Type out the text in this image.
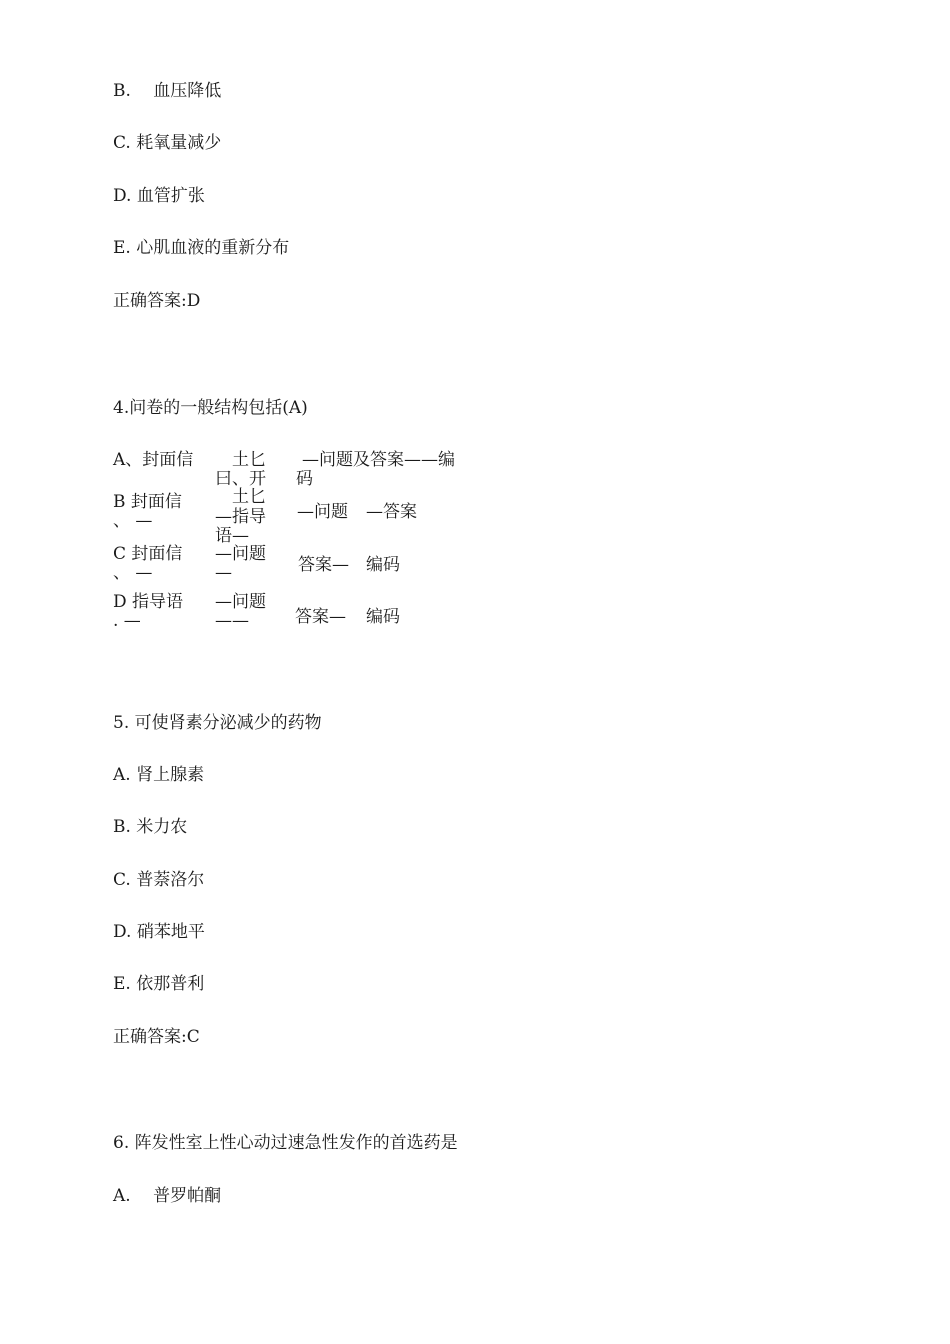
B.　 血压降低
C. 耗氧量减少
D. 血管扩张
E. 心肌血液的重新分布
正确答案:D
4.问卷的一般结构包括(A)
A、封面信 土匕
曰、开
—问题及答案——编
码
B 封面信
、 —
土匕
—指导
语—
—问题 —答案
C 封面信
、 —
—问题
—	答案— 编码
D 指导语
. —
—问题
——	答案— 编码
5. 可使肾素分泌减少的药物
A. 肾上腺素
B. 米力农
C. 普萘洛尔
D. 硝苯地平
E. 依那普利
正确答案:C
6. 阵发性室上性心动过速急性发作的首选药是
A.　 普罗帕酮
